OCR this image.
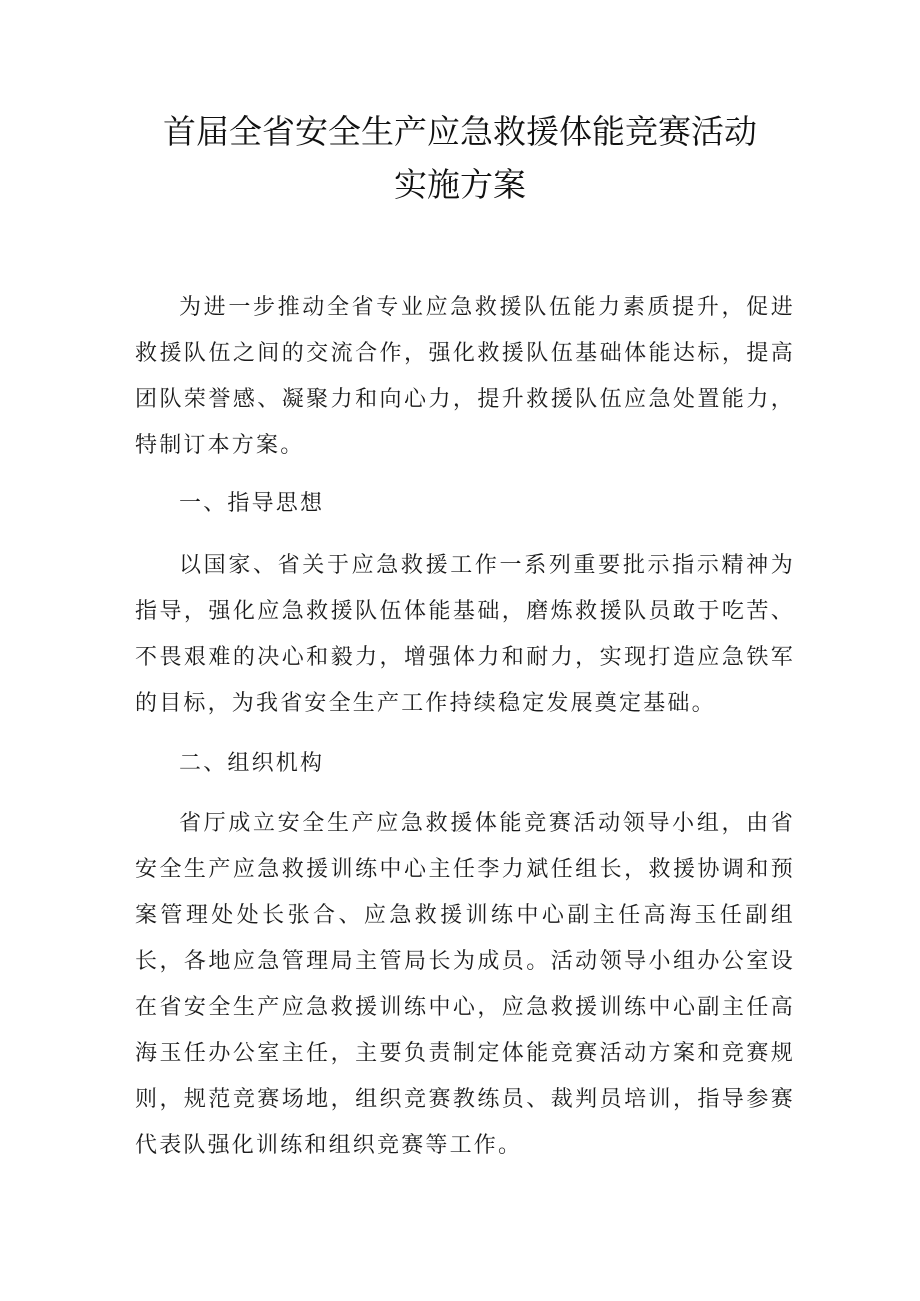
首届全省安全生产应急救援体能竞赛活动
实施方案

为进一步推动全省专业应急救援队伍能力素质提升，促进救援队伍之间的交流合作，强化救援队伍基础体能达标，提高团队荣誉感、凝聚力和向心力，提升救援队伍应急处置能力，特制订本方案。

一、指导思想

以国家、省关于应急救援工作一系列重要批示指示精神为指导，强化应急救援队伍体能基础，磨炼救援队员敢于吃苦、不畏艰难的决心和毅力，增强体力和耐力，实现打造应急铁军的目标，为我省安全生产工作持续稳定发展奠定基础。

二、组织机构

省厅成立安全生产应急救援体能竞赛活动领导小组，由省安全生产应急救援训练中心主任李力斌任组长，救援协调和预案管理处处长张合、应急救援训练中心副主任高海玉任副组长，各地应急管理局主管局长为成员。活动领导小组办公室设在省安全生产应急救援训练中心，应急救援训练中心副主任高海玉任办公室主任，主要负责制定体能竞赛活动方案和竞赛规则，规范竞赛场地，组织竞赛教练员、裁判员培训，指导参赛代表队强化训练和组织竞赛等工作。
